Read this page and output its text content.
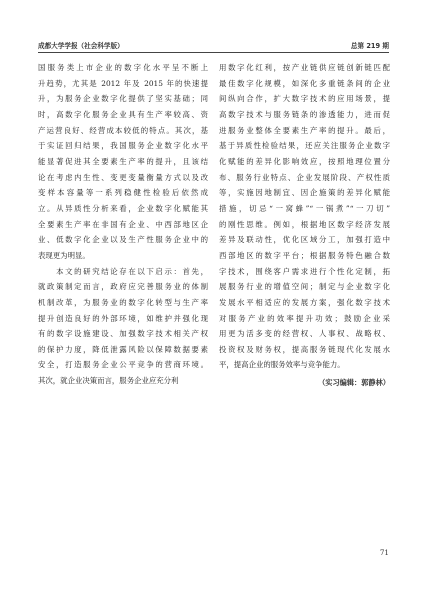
成都大学学报（社会科学版）	总第 219 期

国服务类上市企业的数字化水平呈不断上

升趋势，尤其是 2012 年及 2015 年的快速提

升，为服务企业数字化提供了坚实基础；同

时，高数字化服务企业具有生产率较高、资

产运营良好、经营成本较低的特点。其次，基

于实证回归结果，我国服务企业数字化水平

能显著促进其全要素生产率的提升，且该结

论在考虑内生性、变更变量衡量方式以及改

变样本容量等一系列稳健性检验后依然成

立。从异质性分析来看，企业数字化赋能其

全要素生产率在非国有企业、中西部地区企

业、低数字化企业以及生产性服务企业中的

表现更为明显。

　　本文的研究结论存在以下启示：首先，

就政策制定而言，政府应完善服务业的体制

机制改革，为服务业的数字化转型与生产率

提升创造良好的外部环境，如维护并强化现

有的数字设施建设、加强数字技术相关产权

的保护力度，降低泄露风险以保障数据要素

安全，打造服务企业公平竞争的营商环境。

其次，就企业决策而言，服务企业应充分利

用数字化红利，按产业链供应链创新链匹配

最佳数字化规模，如深化多重链条间的企业

间纵向合作，扩大数字技术的应用场景，提

高数字技术与服务链条的渗透能力，进而促

进服务业整体全要素生产率的提升。最后，

基于异质性检验结果，还应关注服务企业数字

化赋能的差异化影响效应，按照地理位置分

布、服务行业特点、企业发展阶段、产权性质

等，实施因地制宜、因企施策的差异化赋能

措施，切忌“一窝蜂”“一锅煮”“一刀切”

的刚性思维。例如，根据地区数字经济发展

差异及联动性，优化区域分工，加强打造中

西部地区的数字平台；根据服务特色融合数

字技术，围绕客户需求进行个性化定制，拓

展服务行业的增值空间；制定与企业数字化

发展水平相适应的发展方案，强化数字技术

对服务产业的效率提升功效；鼓励企业采

用更为活多变的经营权、人事权、战略权、

投资权及财务权，提高服务链现代化发展水

平，提高企业的服务效率与竞争能力。

（实习编辑：郭静林）
71
